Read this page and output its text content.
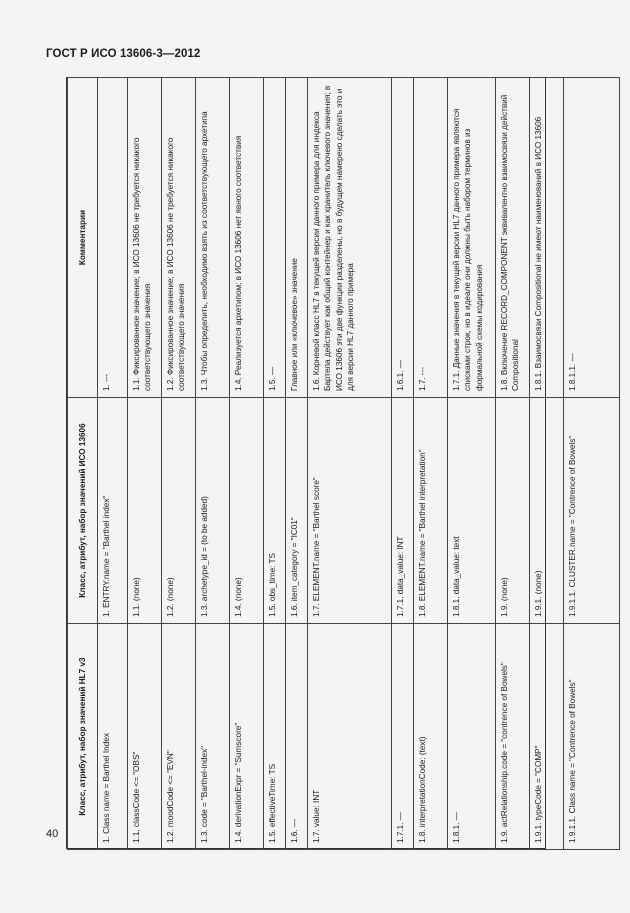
ГОСТ Р ИСО 13606-3—2012
Класс, атрибут, набор значений HL7 v3	Класс, атрибут, набор значений ИСО 13606	Комментарии
1. Class name = Barthel Index	1. ENTRY.name = "Barthel index"	1. ---
1.1. classCode <= "OBS"	1.1. (none)	1.1. Фиксированное значение; в ИСО 13606 не требуется никакого соответствующего значения
1.2. moodCode <= "EVN"	1.2. (none)	1.2. Фиксированное значение; в ИСО 13606 не требуется никакого соответствующего значения
1.3. code = "Barthel-index"	1.3. archetype_id = (to be added)	1.3. Чтобы определить, необходимо взять из соответствующего архетипа
1.4. derivationExpr = "Sumscore"	1.4. (none)	1.4. Реализуется архетипом; в ИСО 13606 нет явного соответствия
1.5. effectiveTime: TS	1.5. obs_time: TS	1.5. —
1.6. —	1.6. item_category = "IC01"	Главное или «ключевое» значение
1.7. value: INT	1.7. ELEMENT.name = "Barthel score"	1.6. Корневой класс HL7 в текущей версии данного примера для индекса Бартела действует как общий контейнер и как хранитель ключевого значения; в ИСО 13606 эти две функции разделены, но в будущем намерено сделать это и для версии HL7 данного примера
1.7.1. —	1.7.1. data_value: INT	1.6.1. —
1.8. interpretationCode: (text)	1.8. ELEMENT.name = "Barthel interpretation"	1.7. ---
1.8.1. —	1.8.1. data_value: text	1.7.1. Данные значения в текущей версии HL7 данного примера являются списками строк, но в идеале они должны быть набором терминов из формальной схемы кодирования
1.9. actRelationship.code = "contrence of Bowels"	1.9. (none)	1.8. Включение RECORD_COMPONENT эквивалентно взаимосвязи действий Compositional
1.9.1. typeCode = "COMP"	1.9.1. (none)	1.8.1. Взаимосвязи Compositional не имеют наименований в ИСО 13606
1.9.1.1. Class name = "Contrence of Bowels"	1.9.1.1. CLUSTER.name = "Contrence of Bowels"	1.8.1.1. —
40
